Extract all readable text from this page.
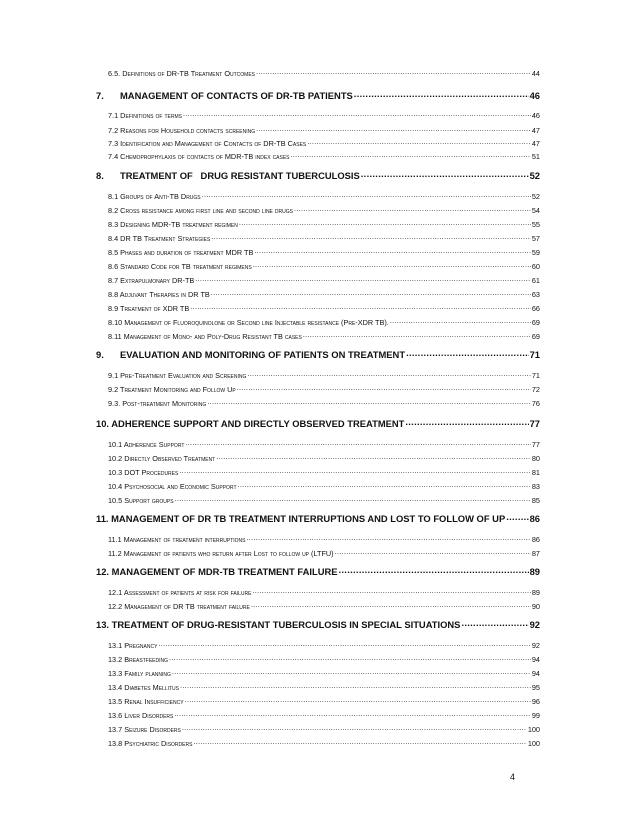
6.5. Definitions of DR-TB Treatment Outcomes .....	44
7.	MANAGEMENT OF CONTACTS OF DR-TB PATIENTS .....	46
7.1 Definitions of terms .....	46
7.2 Reasons for Household contacts screening .....	47
7.3 Identification and Management of Contacts of DR-TB Cases .....	47
7.4 Chemoprophylaxis of contacts of MDR-TB index cases .....	51
8.	TREATMENT OF   DRUG RESISTANT TUBERCULOSIS .....	52
8.1 Groups of Anti-TB Drugs .....	52
8.2 Cross resistance among first line and second line drugs .....	54
8.3 Designing MDR-TB treatment regimen .....	55
8.4 DR TB Treatment Strategies .....	57
8.5 Phases and duration of treatment MDR TB .....	59
8.6 Standard Code for TB treatment regimens .....	60
8.7 Extrapulmonary DR-TB .....	61
8.8 Adjuvant Therapies in DR TB .....	63
8.9 Treatment of XDR TB .....	66
8.10 Management of Fluoroquinolone or Second line Injectable resistance (Pre-XDR TB). .....	69
8.11 Management of Mono- and Poly-Drug Resistant TB cases .....	69
9.	EVALUATION AND MONITORING OF PATIENTS ON TREATMENT .....	71
9.1 Pre-Treatment Evaluation and Screening .....	71
9.2 Treatment Monitoring and Follow Up .....	72
9.3. Post-treatment Monitoring .....	76
10. ADHERENCE SUPPORT AND DIRECTLY OBSERVED TREATMENT .....	77
10.1 Adherence Support .....	77
10.2 Directly Observed Treatment .....	80
10.3 DOT Procedures .....	81
10.4 Psychosocial and Economic Support .....	83
10.5 Support groups .....	85
11. MANAGEMENT OF DR TB TREATMENT INTERRUPTIONS AND LOST TO FOLLOW OF UP .....	86
11.1 Management of treatment interruptions .....	86
11.2 Management of patients who return after Lost to follow up (LTFU) .....	87
12. MANAGEMENT OF MDR-TB TREATMENT FAILURE .....	89
12.1 Assessment of patients at risk for failure .....	89
12.2 Management of DR TB treatment failure .....	90
13. TREATMENT OF DRUG-RESISTANT TUBERCULOSIS IN SPECIAL SITUATIONS .....	92
13.1 Pregnancy .....	92
13.2 Breastfeeding .....	94
13.3 Family planning .....	94
13.4 Diabetes Mellitus .....	95
13.5 Renal Insufficiency .....	96
13.6 Liver Disorders .....	99
13.7 Seizure Disorders .....	100
13.8 Psychiatric Disorders .....	100
4
